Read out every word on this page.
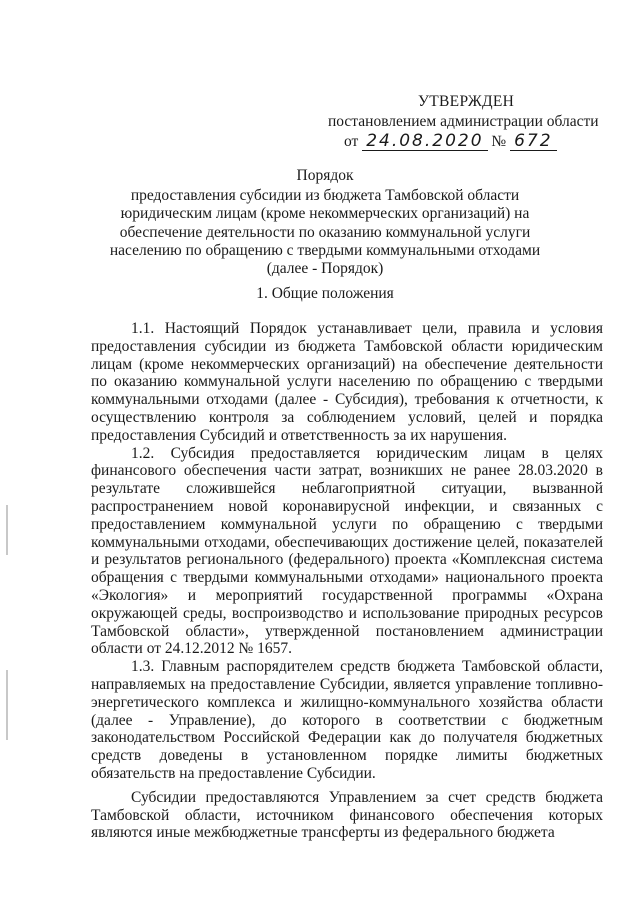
УТВЕРЖДЕН
постановлением администрации области
от 24.08.2020 № 672
Порядок
предоставления субсидии из бюджета Тамбовской области юридическим лицам (кроме некоммерческих организаций) на обеспечение деятельности по оказанию коммунальной услуги населению по обращению с твердыми коммунальными отходами
(далее - Порядок)
1. Общие положения

1.1. Настоящий Порядок устанавливает цели, правила и условия предоставления субсидии из бюджета Тамбовской области юридическим лицам (кроме некоммерческих организаций) на обеспечение деятельности по оказанию коммунальной услуги населению по обращению с твердыми коммунальными отходами (далее - Субсидия), требования к отчетности, к осуществлению контроля за соблюдением условий, целей и порядка предоставления Субсидий и ответственность за их нарушения.

1.2. Субсидия предоставляется юридическим лицам в целях финансового обеспечения части затрат, возникших не ранее 28.03.2020 в результате сложившейся неблагоприятной ситуации, вызванной распространением новой коронавирусной инфекции, и связанных с предоставлением коммунальной услуги по обращению с твердыми коммунальными отходами, обеспечивающих достижение целей, показателей и результатов регионального (федерального) проекта «Комплексная система обращения с твердыми коммунальными отходами» национального проекта «Экология» и мероприятий государственной программы «Охрана окружающей среды, воспроизводство и использование природных ресурсов Тамбовской области», утвержденной постановлением администрации области от 24.12.2012 № 1657.

1.3. Главным распорядителем средств бюджета Тамбовской области, направляемых на предоставление Субсидии, является управление топливно-энергетического комплекса и жилищно-коммунального хозяйства области (далее - Управление), до которого в соответствии с бюджетным законодательством Российской Федерации как до получателя бюджетных средств доведены в установленном порядке лимиты бюджетных обязательств на предоставление Субсидии.

Субсидии предоставляются Управлением за счет средств бюджета Тамбовской области, источником финансового обеспечения которых являются иные межбюджетные трансферты из федерального бюджета
